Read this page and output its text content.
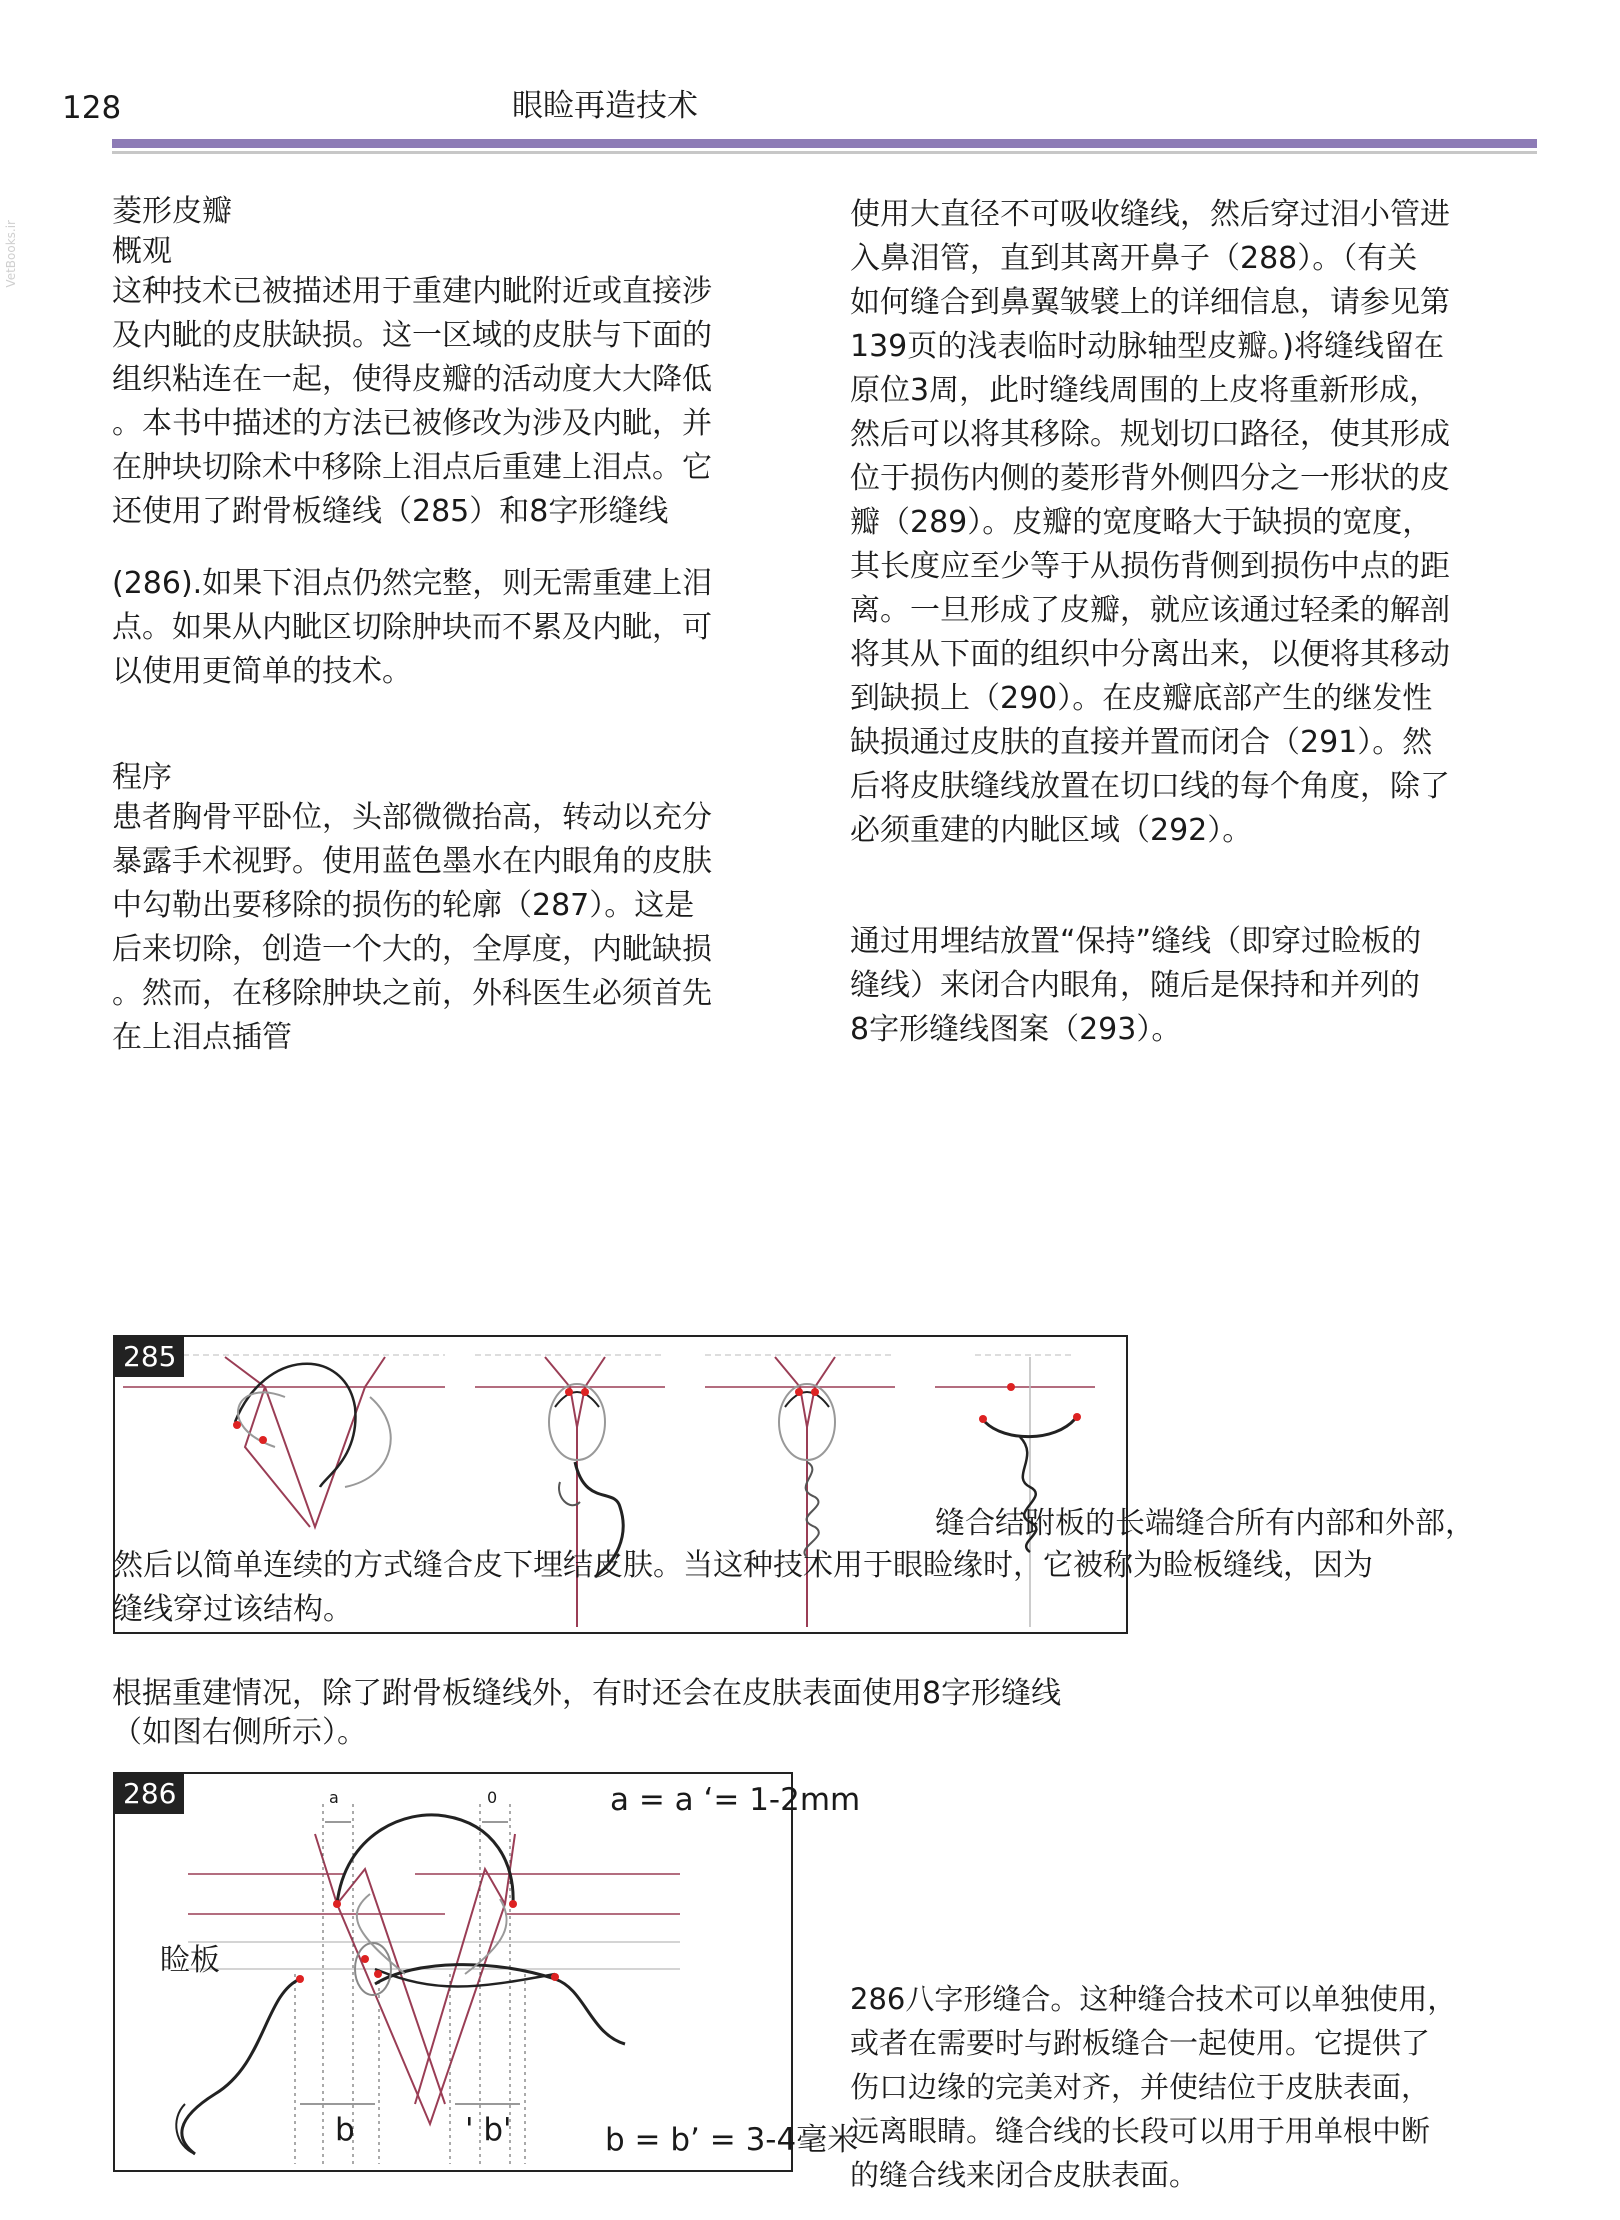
128	眼睑再造技术
VetBooks.ir

菱形皮瓣

概观

这种技术已被描述用于重建内眦附近或直接涉

及内眦的皮肤缺损。这一区域的皮肤与下面的

组织粘连在一起，使得皮瓣的活动度大大降低

。本书中描述的方法已被修改为涉及内眦，并

在肿块切除术中移除上泪点后重建上泪点。它

还使用了跗骨板缝线（285）和8字形缝线

(286).如果下泪点仍然完整，则无需重建上泪

点。如果从内眦区切除肿块而不累及内眦，可

以使用更简单的技术。

程序

患者胸骨平卧位，头部微微抬高，转动以充分

暴露手术视野。使用蓝色墨水在内眼角的皮肤

中勾勒出要移除的损伤的轮廓（287）。这是

后来切除，创造一个大的，全厚度，内眦缺损

。然而，在移除肿块之前，外科医生必须首先

在上泪点插管

使用大直径不可吸收缝线，然后穿过泪小管进

入鼻泪管，直到其离开鼻子（288）。（有关

如何缝合到鼻翼皱襞上的详细信息，请参见第

139页的浅表临时动脉轴型皮瓣。)将缝线留在

原位3周，此时缝线周围的上皮将重新形成，

然后可以将其移除。规划切口路径，使其形成

位于损伤内侧的菱形背外侧四分之一形状的皮

瓣（289）。皮瓣的宽度略大于缺损的宽度，

其长度应至少等于从损伤背侧到损伤中点的距

离。一旦形成了皮瓣，就应该通过轻柔的解剖

将其从下面的组织中分离出来，以便将其移动

到缺损上（290）。在皮瓣底部产生的继发性

缺损通过皮肤的直接并置而闭合（291）。然

后将皮肤缝线放置在切口线的每个角度，除了

必须重建的内眦区域（292）。

通过用埋结放置“保持”缝线（即穿过睑板的

缝线）来闭合内眼角，随后是保持和并列的

8字形缝线图案（293）。

285
缝合结跗板的长端缝合所有内部和外部，
然后以简单连续的方式缝合皮下埋结皮肤。当这种技术用于眼睑缘时，它被称为睑板缝线，因为
缝线穿过该结构。

根据重建情况，除了跗骨板缝线外，有时还会在皮肤表面使用8字形缝线

（如图右侧所示）。

286	a	0	a = a ‘= 1-2mm
睑板
b	' b'	b = b’ = 3-4毫米
286八字形缝合。这种缝合技术可以单独使用，
或者在需要时与跗板缝合一起使用。它提供了
伤口边缘的完美对齐，并使结位于皮肤表面，
远离眼睛。缝合线的长段可以用于用单根中断
的缝合线来闭合皮肤表面。
